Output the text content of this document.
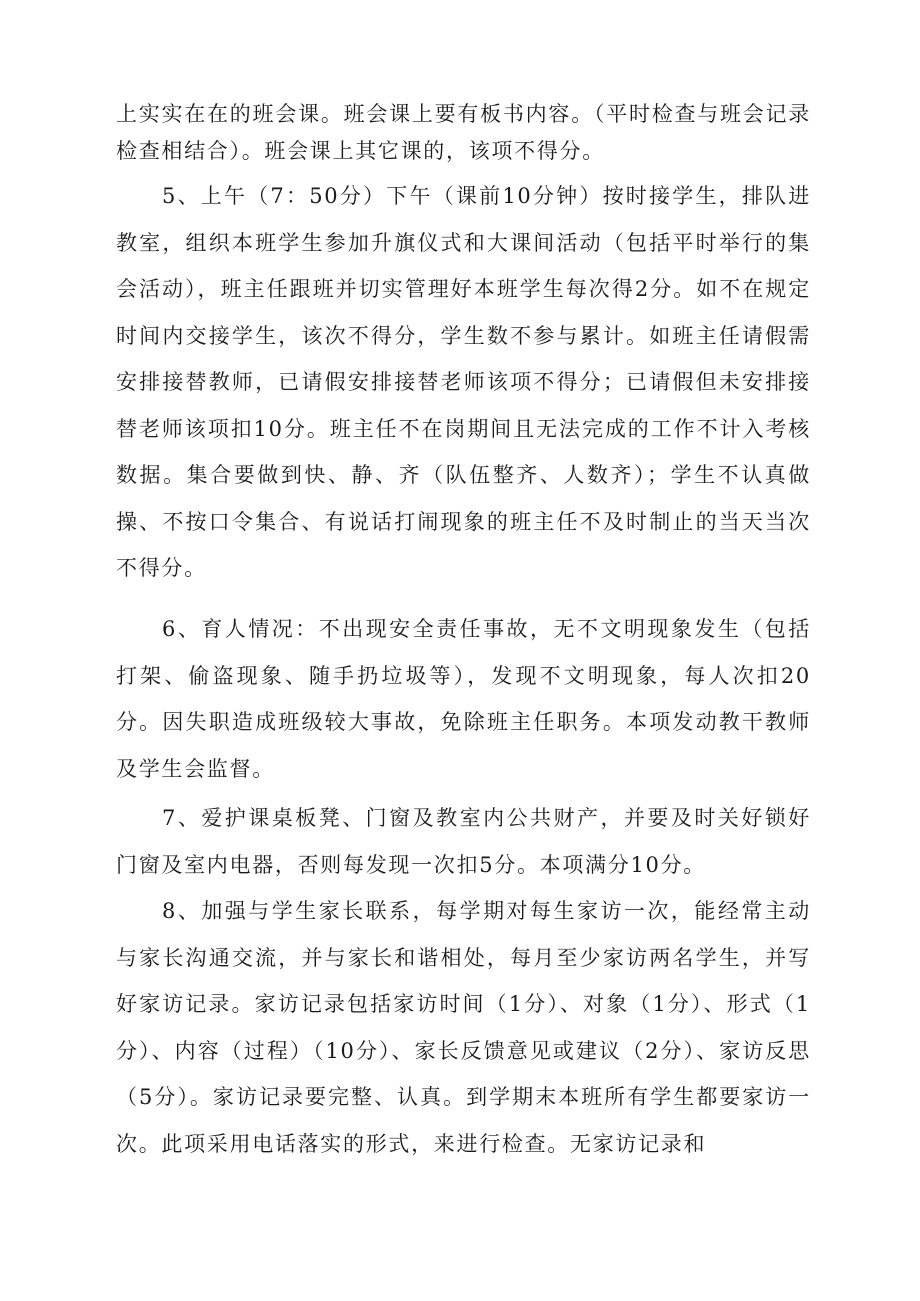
上实实在在的班会课。班会课上要有板书内容。（平时检查与班会记录检查相结合）。班会课上其它课的，该项不得分。

5、上午（7：50分）下午（课前10分钟）按时接学生，排队进教室，组织本班学生参加升旗仪式和大课间活动（包括平时举行的集会活动），班主任跟班并切实管理好本班学生每次得2分。如不在规定时间内交接学生，该次不得分，学生数不参与累计。如班主任请假需安排接替教师，已请假安排接替老师该项不得分；已请假但未安排接替老师该项扣10分。班主任不在岗期间且无法完成的工作不计入考核数据。集合要做到快、静、齐（队伍整齐、人数齐）；学生不认真做操、不按口令集合、有说话打闹现象的班主任不及时制止的当天当次不得分。

6、育人情况：不出现安全责任事故，无不文明现象发生（包括打架、偷盗现象、随手扔垃圾等），发现不文明现象，每人次扣20分。因失职造成班级较大事故，免除班主任职务。本项发动教干教师及学生会监督。

7、爱护课桌板凳、门窗及教室内公共财产，并要及时关好锁好门窗及室内电器，否则每发现一次扣5分。本项满分10分。

8、加强与学生家长联系，每学期对每生家访一次，能经常主动与家长沟通交流，并与家长和谐相处，每月至少家访两名学生，并写好家访记录。家访记录包括家访时间（1分）、对象（1分）、形式（1分）、内容（过程）（10分）、家长反馈意见或建议（2分）、家访反思（5分）。家访记录要完整、认真。到学期末本班所有学生都要家访一次。此项采用电话落实的形式，来进行检查。无家访记录和
